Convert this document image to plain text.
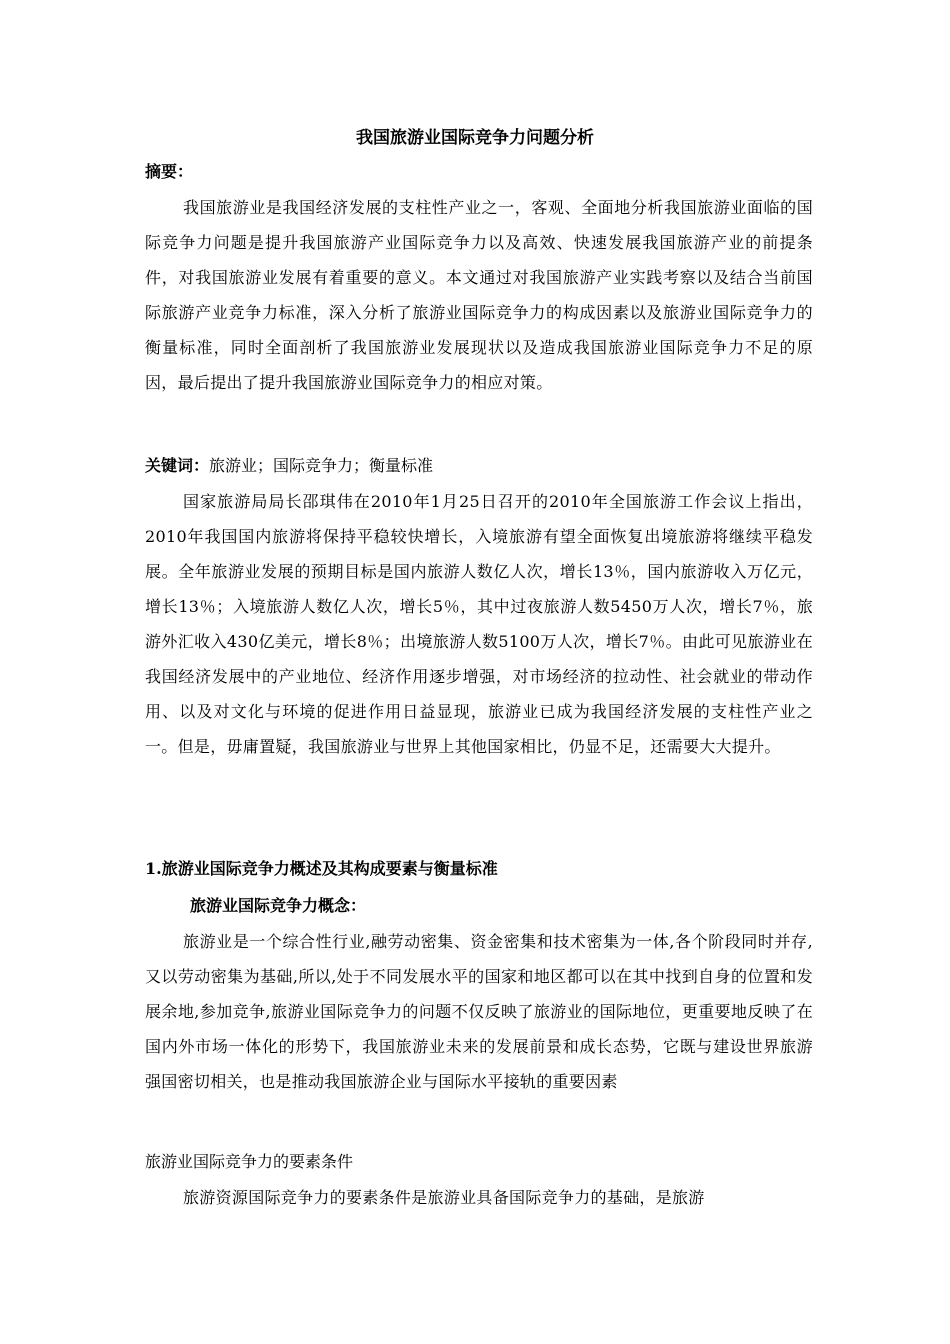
我国旅游业国际竞争力问题分析
摘要：

我国旅游业是我国经济发展的支柱性产业之一，客观、全面地分析我国旅游业面临的国际竞争力问题是提升我国旅游产业国际竞争力以及高效、快速发展我国旅游产业的前提条件，对我国旅游业发展有着重要的意义。本文通过对我国旅游产业实践考察以及结合当前国际旅游产业竞争力标准，深入分析了旅游业国际竞争力的构成因素以及旅游业国际竞争力的衡量标准，同时全面剖析了我国旅游业发展现状以及造成我国旅游业国际竞争力不足的原因，最后提出了提升我国旅游业国际竞争力的相应对策。

关键词：旅游业；国际竞争力；衡量标准

国家旅游局局长邵琪伟在2010年1月25日召开的2010年全国旅游工作会议上指出，2010年我国国内旅游将保持平稳较快增长，入境旅游有望全面恢复出境旅游将继续平稳发展。全年旅游业发展的预期目标是国内旅游人数亿人次，增长13％，国内旅游收入万亿元，增长13％；入境旅游人数亿人次，增长5％，其中过夜旅游人数5450万人次，增长7％，旅游外汇收入430亿美元，增长8％；出境旅游人数5100万人次，增长7％。由此可见旅游业在我国经济发展中的产业地位、经济作用逐步增强，对市场经济的拉动性、社会就业的带动作用、以及对文化与环境的促进作用日益显现，旅游业已成为我国经济发展的支柱性产业之一。但是，毋庸置疑，我国旅游业与世界上其他国家相比，仍显不足，还需要大大提升。

1.旅游业国际竞争力概述及其构成要素与衡量标准
旅游业国际竞争力概念：

旅游业是一个综合性行业,融劳动密集、资金密集和技术密集为一体,各个阶段同时并存,又以劳动密集为基础,所以,处于不同发展水平的国家和地区都可以在其中找到自身的位置和发展余地,参加竞争,旅游业国际竞争力的问题不仅反映了旅游业的国际地位，更重要地反映了在国内外市场一体化的形势下，我国旅游业未来的发展前景和成长态势，它既与建设世界旅游强国密切相关，也是推动我国旅游企业与国际水平接轨的重要因素

旅游业国际竞争力的要素条件

旅游资源国际竞争力的要素条件是旅游业具备国际竞争力的基础，是旅游
